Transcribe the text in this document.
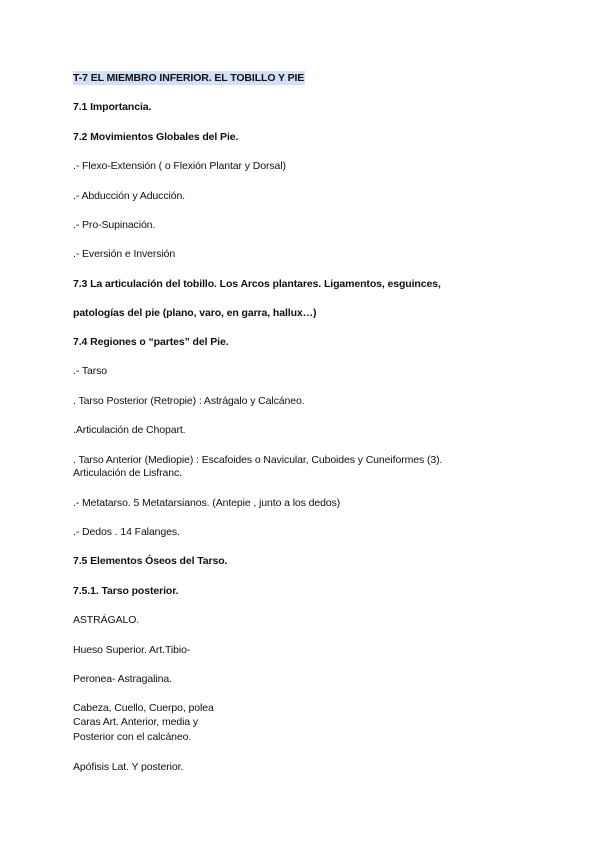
T-7 EL MIEMBRO INFERIOR. EL TOBILLO Y PIE
7.1 Importancia.
7.2 Movimientos Globales del Pie.
.- Flexo-Extensión ( o Flexión Plantar y Dorsal)
.- Abducción y Aducción.
.- Pro-Supinación.
.- Eversión e Inversión
7.3 La articulación del tobillo. Los Arcos plantares. Ligamentos, esguinces,
patologías del pie (plano, varo, en garra, hallux…)
7.4 Regiones o “partes” del Pie.
.- Tarso
. Tarso Posterior (Retropie) : Astrágalo y Calcáneo.
.Articulación de Chopart.
. Tarso Anterior (Mediopie) : Escafoides o Navicular, Cuboides y Cuneiformes (3).
Articulación de Lisfranc.
.- Metatarso. 5 Metatarsianos. (Antepie , junto a los dedos)
.- Dedos . 14 Falanges.
7.5 Elementos Óseos del Tarso.
7.5.1. Tarso posterior.
ASTRÁGALO.
Hueso Superior. Art.Tibio-
Peronea- Astragalina.
Cabeza, Cuello, Cuerpo, polea
Caras Art. Anterior, media y
Posterior con el calcáneo.
Apófisis Lat. Y posterior.
